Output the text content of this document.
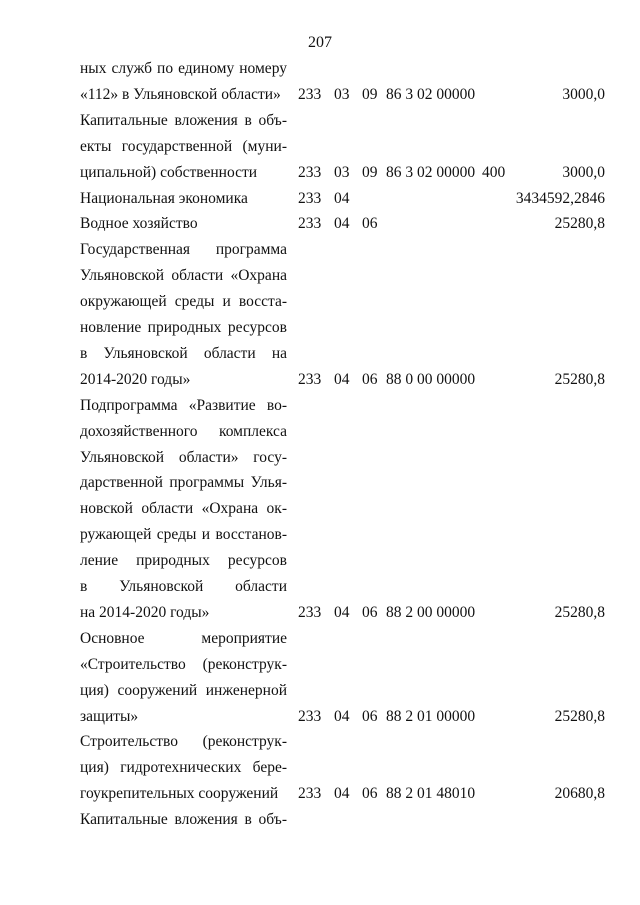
207
ных служб по единому номеру
«112» в Ульяновской области»	233 03 09 86 3 02 00000	3000,0
Капитальные вложения в объ-
екты государственной (муни-
ципальной) собственности	233 03 09 86 3 02 00000 400	3000,0
Национальная экономика	233 04	3434592,2846
Водное хозяйство	233 04 06	25280,8
Государственная программа
Ульяновской области «Охрана
окружающей среды и восста-
новление природных ресурсов
в Ульяновской области на
2014-2020 годы»	233 04 06 88 0 00 00000	25280,8
Подпрограмма «Развитие во-
дохозяйственного комплекса
Ульяновской области» госу-
дарственной программы Улья-
новской области «Охрана ок-
ружающей среды и восстанов-
ление природных ресурсов
в Ульяновской области
на 2014-2020 годы»	233 04 06 88 2 00 00000	25280,8
Основное мероприятие
«Строительство (реконструк-
ция) сооружений инженерной
защиты»	233 04 06 88 2 01 00000	25280,8
Строительство (реконструк-
ция) гидротехнических бере-
гоукрепительных сооружений	233 04 06 88 2 01 48010	20680,8
Капитальные вложения в объ-
